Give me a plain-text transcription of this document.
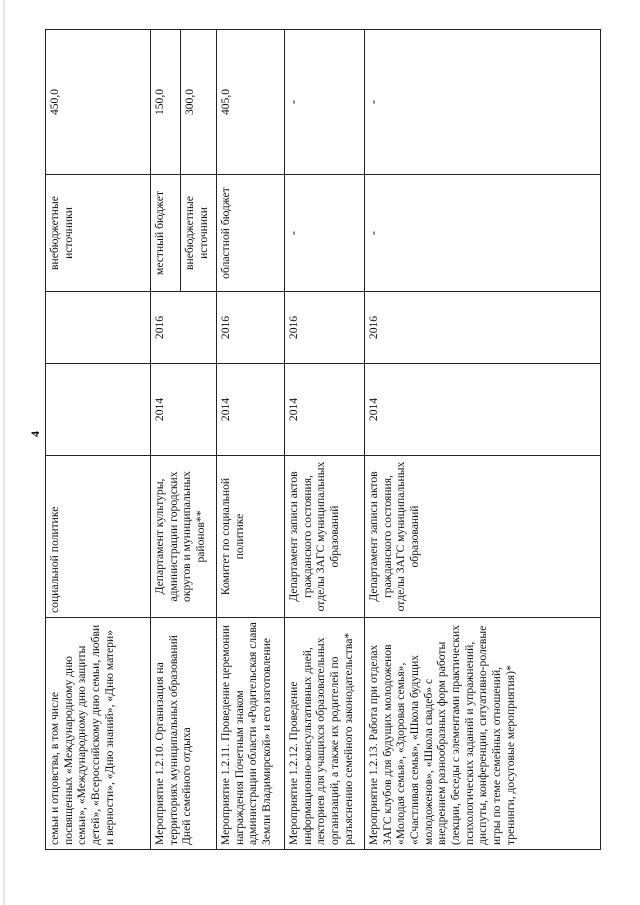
4
семьи и отцовства, в том числе посвященных «Международному дню семьи», «Международному дню защиты детей», «Всероссийскому дню семьи, любви и верности», «Дню знаний», «Дню матери»	социальной политике			внебюджетные источники	450,0
Мероприятие 1.2.10. Организация на территориях муниципальных образований Дней семейного отдыха	Департамент культуры, администрации городских округов и муниципальных районов**	2014	2016	местный бюджет	150,0
				внебюджетные источники	300,0
Мероприятие 1.2.11. Проведение церемонии награждения Почетным знаком администрации области «Родительская слава Земли Владимирской» и его изготовление	Комитет по социальной политике	2014	2016	областной бюджет	405,0
Мероприятие 1.2.12. Проведение информационно-консультативных дней, лекториев для учащихся образовательных организаций, а также их родителей по разъяснению семейного законодательства*	Департамент записи актов гражданского состояния, отделы ЗАГС муниципальных образований	2014	2016	-	-
Мероприятие 1.2.13. Работа при отделах ЗАГС клубов для будущих молодоженов «Молодая семья», «Здоровая семья», «Счастливая семья», «Школа будущих молодоженов», «Школа свадеб» с внедрением разнообразных форм работы (лекции, беседы с элементами практических психологических заданий и упражнений, диспуты, конференции, ситуативно-ролевые игры по теме семейных отношений, тренинги, досуговые мероприятия)*	Департамент записи актов гражданского состояния, отделы ЗАГС муниципальных образований	2014	2016	-	-
